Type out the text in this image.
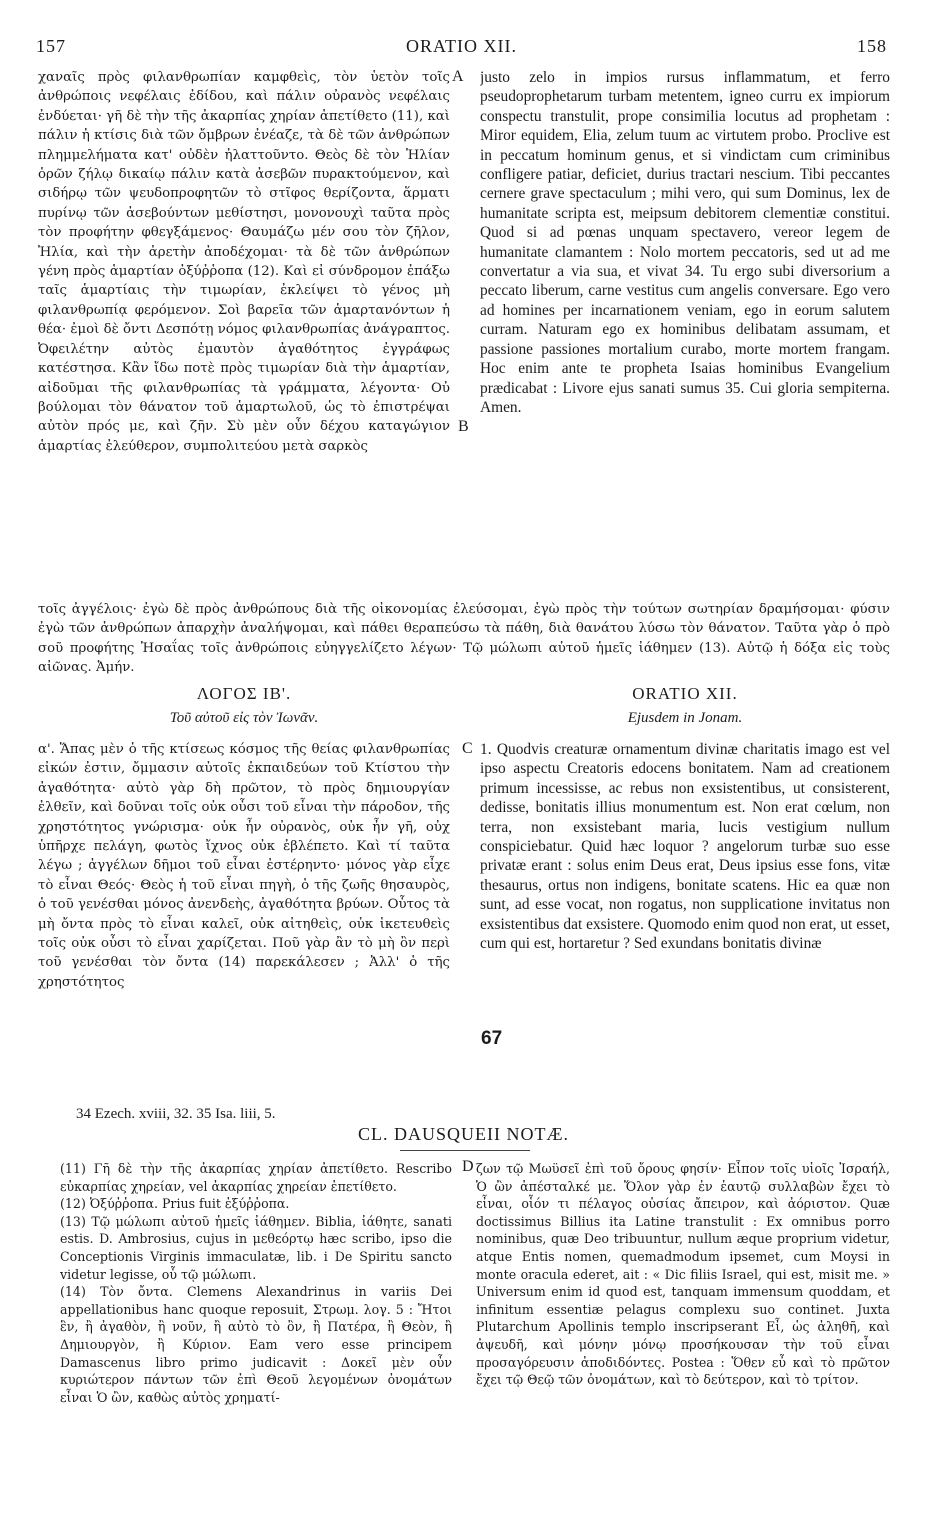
157	ORATIO XII.	158
A
B
C
D
χαναῖς πρὸς φιλανθρωπίαν καμφθεὶς, τὸν ὑετὸν τοῖς ἀνθρώποις νεφέλαις ἐδίδου, καὶ πάλιν οὐρανὸς νεφέλαις ἐνδύεται· γῆ δὲ τὴν τῆς ἀκαρπίας χηρίαν ἀπετίθετο (11), καὶ πάλιν ἡ κτίσις διὰ τῶν ὄμβρων ἐνέαζε, τὰ δὲ τῶν ἀνθρώπων πλημμελήματα κατ' οὐδὲν ἠλαττοῦντο. Θεὸς δὲ τὸν Ἠλίαν ὁρῶν ζήλῳ δικαίῳ πάλιν κατὰ ἀσεβῶν πυρακτούμενον, καὶ σιδήρῳ τῶν ψευδοπροφητῶν τὸ στῖφος θερίζοντα, ἅρματι πυρίνῳ τῶν ἀσεβούντων μεθίστησι, μονονουχὶ ταῦτα πρὸς τὸν προφήτην φθεγξάμενος· Θαυμάζω μέν σου τὸν ζῆλον, Ἠλία, καὶ τὴν ἀρετὴν ἀποδέχομαι· τὰ δὲ τῶν ἀνθρώπων γένη πρὸς ἁμαρτίαν ὀξύῤῥοπα (12). Καὶ εἰ σύνδρομον ἐπάξω ταῖς ἁμαρτίαις τὴν τιμωρίαν, ἐκλείψει τὸ γένος μὴ φιλανθρωπίᾳ φερόμενον. Σοὶ βαρεῖα τῶν ἁμαρτανόντων ἡ θέα· ἐμοὶ δὲ ὄντι Δεσπότῃ νόμος φιλανθρωπίας ἀνάγραπτος. Ὀφειλέτην αὐτὸς ἐμαυτὸν ἀγαθότητος ἐγγράφως κατέστησα. Κἂν ἴδω ποτὲ πρὸς τιμωρίαν διὰ τὴν ἁμαρτίαν, αἰδοῦμαι τῆς φιλανθρωπίας τὰ γράμματα, λέγοντα· Οὐ βούλομαι τὸν θάνατον τοῦ ἁμαρτωλοῦ, ὡς τὸ ἐπιστρέψαι αὐτὸν πρός με, καὶ ζῆν. Σὺ μὲν οὖν δέχου καταγώγιον ἁμαρτίας ἐλεύθερον, συμπολιτεύου μετὰ σαρκὸς
justo zelo in impios rursus inflammatum, et ferro pseudoprophetarum turbam metentem, igneo curru ex impiorum conspectu transtulit, prope consimilia locutus ad prophetam : Miror equidem, Elia, zelum tuum ac virtutem probo. Proclive est in peccatum hominum genus, et si vindictam cum criminibus confligere patiar, deficiet, durius tractari nescium. Tibi peccantes cernere grave spectaculum ; mihi vero, qui sum Dominus, lex de humanitate scripta est, meipsum debitorem clementiæ constitui. Quod si ad pœnas unquam spectavero, vereor legem de humanitate clamantem : Nolo mortem peccatoris, sed ut ad me convertatur a via sua, et vivat 34. Tu ergo subi diversorium a peccato liberum, carne vestitus cum angelis conversare. Ego vero ad homines per incarnationem veniam, ego in eorum salutem curram. Naturam ego ex hominibus delibatam assumam, et passione passiones mortalium curabo, morte mortem frangam. Hoc enim ante te propheta Isaias hominibus Evangelium prædicabat : Livore ejus sanati sumus 35. Cui gloria sempiterna. Amen.
τοῖς ἀγγέλοις· ἐγὼ δὲ πρὸς ἀνθρώπους διὰ τῆς οἰκονομίας ἐλεύσομαι, ἐγὼ πρὸς τὴν τούτων σωτηρίαν δραμήσομαι· φύσιν ἐγὼ τῶν ἀνθρώπων ἀπαρχὴν ἀναλήψομαι, καὶ πάθει θεραπεύσω τὰ πάθη, διὰ θανάτου λύσω τὸν θάνατον. Ταῦτα γὰρ ὁ πρὸ σοῦ προφήτης Ἠσαΐας τοῖς ἀνθρώποις εὐηγγελίζετο λέγων· Τῷ μώλωπι αὐτοῦ ἡμεῖς ἰάθημεν (13). Αὐτῷ ἡ δόξα εἰς τοὺς αἰῶνας. Ἀμήν.
ΛΟΓΟΣ ΙΒ'.
Τοῦ αὐτοῦ εἰς τὸν Ἰωνᾶν.
ORATIO XII.
Ejusdem in Jonam.
α'. Ἅπας μὲν ὁ τῆς κτίσεως κόσμος τῆς θείας φιλανθρωπίας εἰκών ἐστιν, ὄμμασιν αὐτοῖς ἐκπαιδεύων τοῦ Κτίστου τὴν ἀγαθότητα· αὐτὸ γὰρ δὴ πρῶτον, τὸ πρὸς δημιουργίαν ἐλθεῖν, καὶ δοῦναι τοῖς οὐκ οὖσι τοῦ εἶναι τὴν πάροδον, τῆς χρηστότητος γνώρισμα· οὐκ ἦν οὐρανὸς, οὐκ ἦν γῆ, οὐχ ὑπῆρχε πελάγη, φωτὸς ἴχνος οὐκ ἐβλέπετο. Καὶ τί ταῦτα λέγω ; ἀγγέλων δῆμοι τοῦ εἶναι ἐστέρηντο· μόνος γὰρ εἶχε τὸ εἶναι Θεός· Θεὸς ἡ τοῦ εἶναι πηγὴ, ὁ τῆς ζωῆς θησαυρὸς, ὁ τοῦ γενέσθαι μόνος ἀνενδεὴς, ἀγαθότητα βρύων. Οὗτος τὰ μὴ ὄντα πρὸς τὸ εἶναι καλεῖ, οὐκ αἰτηθεὶς, οὐκ ἱκετευθεὶς τοῖς οὐκ οὖσι τὸ εἶναι χαρίζεται. Ποῦ γὰρ ἂν τὸ μὴ ὂν περὶ τοῦ γενέσθαι τὸν ὄντα (14) παρεκάλεσεν ; Ἀλλ' ὁ τῆς χρηστότητος
1. Quodvis creaturæ ornamentum divinæ charitatis imago est vel ipso aspectu Creatoris edocens bonitatem. Nam ad creationem primum incessisse, ac rebus non exsistentibus, ut consisterent, dedisse, bonitatis illius monumentum est. Non erat cœlum, non terra, non exsistebant maria, lucis vestigium nullum conspiciebatur. Quid hæc loquor ? angelorum turbæ suo esse privatæ erant : solus enim Deus erat, Deus ipsius esse fons, vitæ thesaurus, ortus non indigens, bonitate scatens. Hic ea quæ non sunt, ad esse vocat, non rogatus, non supplicatione invitatus non exsistentibus dat exsistere. Quomodo enim quod non erat, ut esset, cum qui est, hortaretur ? Sed exundans bonitatis divinæ
67
34 Ezech. xviii, 32. 35 Isa. liii, 5.
CL. DAUSQUEII NOTÆ.

(11) Γῆ δὲ τὴν τῆς ἀκαρπίας χηρίαν ἀπετίθετο. Rescribo εὐκαρπίας χηρείαν, vel ἀκαρπίας χηρείαν ἐπετίθετο.

(12) Ὀξύῤῥοπα. Prius fuit ἐξύῤῥοπα.

(13) Τῷ μώλωπι αὐτοῦ ἡμεῖς ἰάθημεν. Biblia, ἰάθητε, sanati estis. D. Ambrosius, cujus in μεθεόρτῳ hæc scribo, ipso die Conceptionis Virginis immaculatæ, lib. i De Spiritu sancto videtur legisse, οὗ τῷ μώλωπι.

(14) Τὸν ὄντα. Clemens Alexandrinus in variis Dei appellationibus hanc quoque reposuit, Στρωμ. λογ. 5 : Ἤτοι ἓν, ἢ ἀγαθὸν, ἢ νοῦν, ἢ αὐτὸ τὸ ὂν, ἢ Πατέρα, ἢ Θεὸν, ἢ Δημιουργὸν, ἢ Κύριον. Eam vero esse principem Damascenus libro primo judicavit : Δοκεῖ μὲν οὖν κυριώτερον πάντων τῶν ἐπὶ Θεοῦ λεγομένων ὀνομάτων εἶναι Ὁ ὢν, καθὼς αὐτὸς χρηματί-

ζων τῷ Μωϋσεῖ ἐπὶ τοῦ ὄρους φησίν· Εἶπον τοῖς υἱοῖς Ἰσραήλ, Ὁ ὢν ἀπέσταλκέ με. Ὅλον γὰρ ἐν ἑαυτῷ συλλαβὼν ἔχει τὸ εἶναι, οἷόν τι πέλαγος οὐσίας ἄπειρον, καὶ ἀόριστον. Quæ doctissimus Billius ita Latine transtulit : Ex omnibus porro nominibus, quæ Deo tribuuntur, nullum æque proprium videtur, atque Entis nomen, quemadmodum ipsemet, cum Moysi in monte oracula ederet, ait : « Dic filiis Israel, qui est, misit me. » Universum enim id quod est, tanquam immensum quoddam, et infinitum essentiæ pelagus complexu suo continet. Juxta Plutarchum Apollinis templo inscripserant Εἶ, ὡς ἀληθῆ, καὶ ἀψευδῆ, καὶ μόνην μόνῳ προσήκουσαν τὴν τοῦ εἶναι προσαγόρευσιν ἀποδιδόντες. Postea : Ὅθεν εὖ καὶ τὸ πρῶτον ἔχει τῷ Θεῷ τῶν ὀνομάτων, καὶ τὸ δεύτερον, καὶ τὸ τρίτον.
